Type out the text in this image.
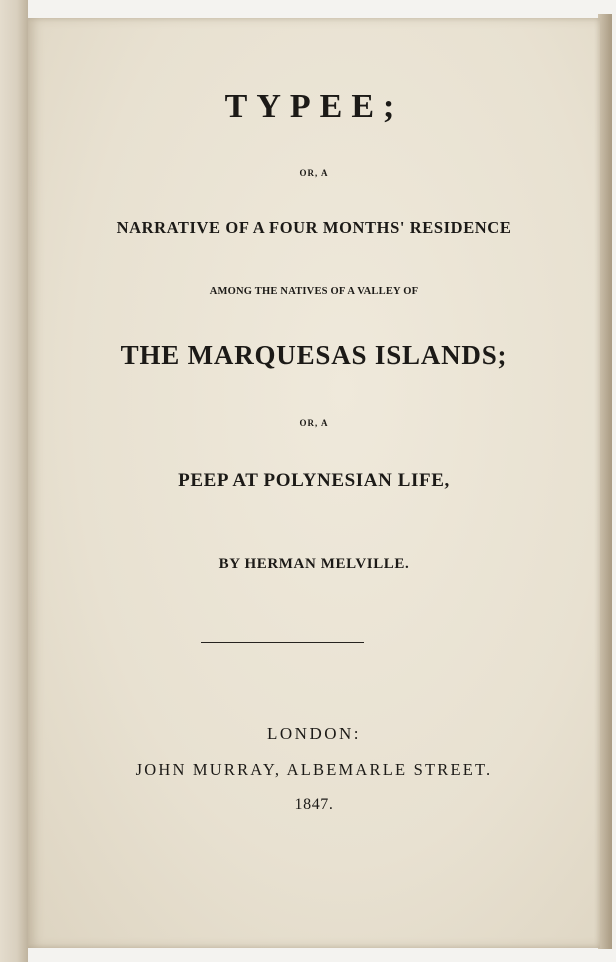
TYPEE;
OR, A
NARRATIVE OF A FOUR MONTHS' RESIDENCE
AMONG THE NATIVES OF A VALLEY OF
THE MARQUESAS ISLANDS;
OR, A
PEEP AT POLYNESIAN LIFE,
BY HERMAN MELVILLE.
LONDON:
JOHN MURRAY, ALBEMARLE STREET.
1847.
